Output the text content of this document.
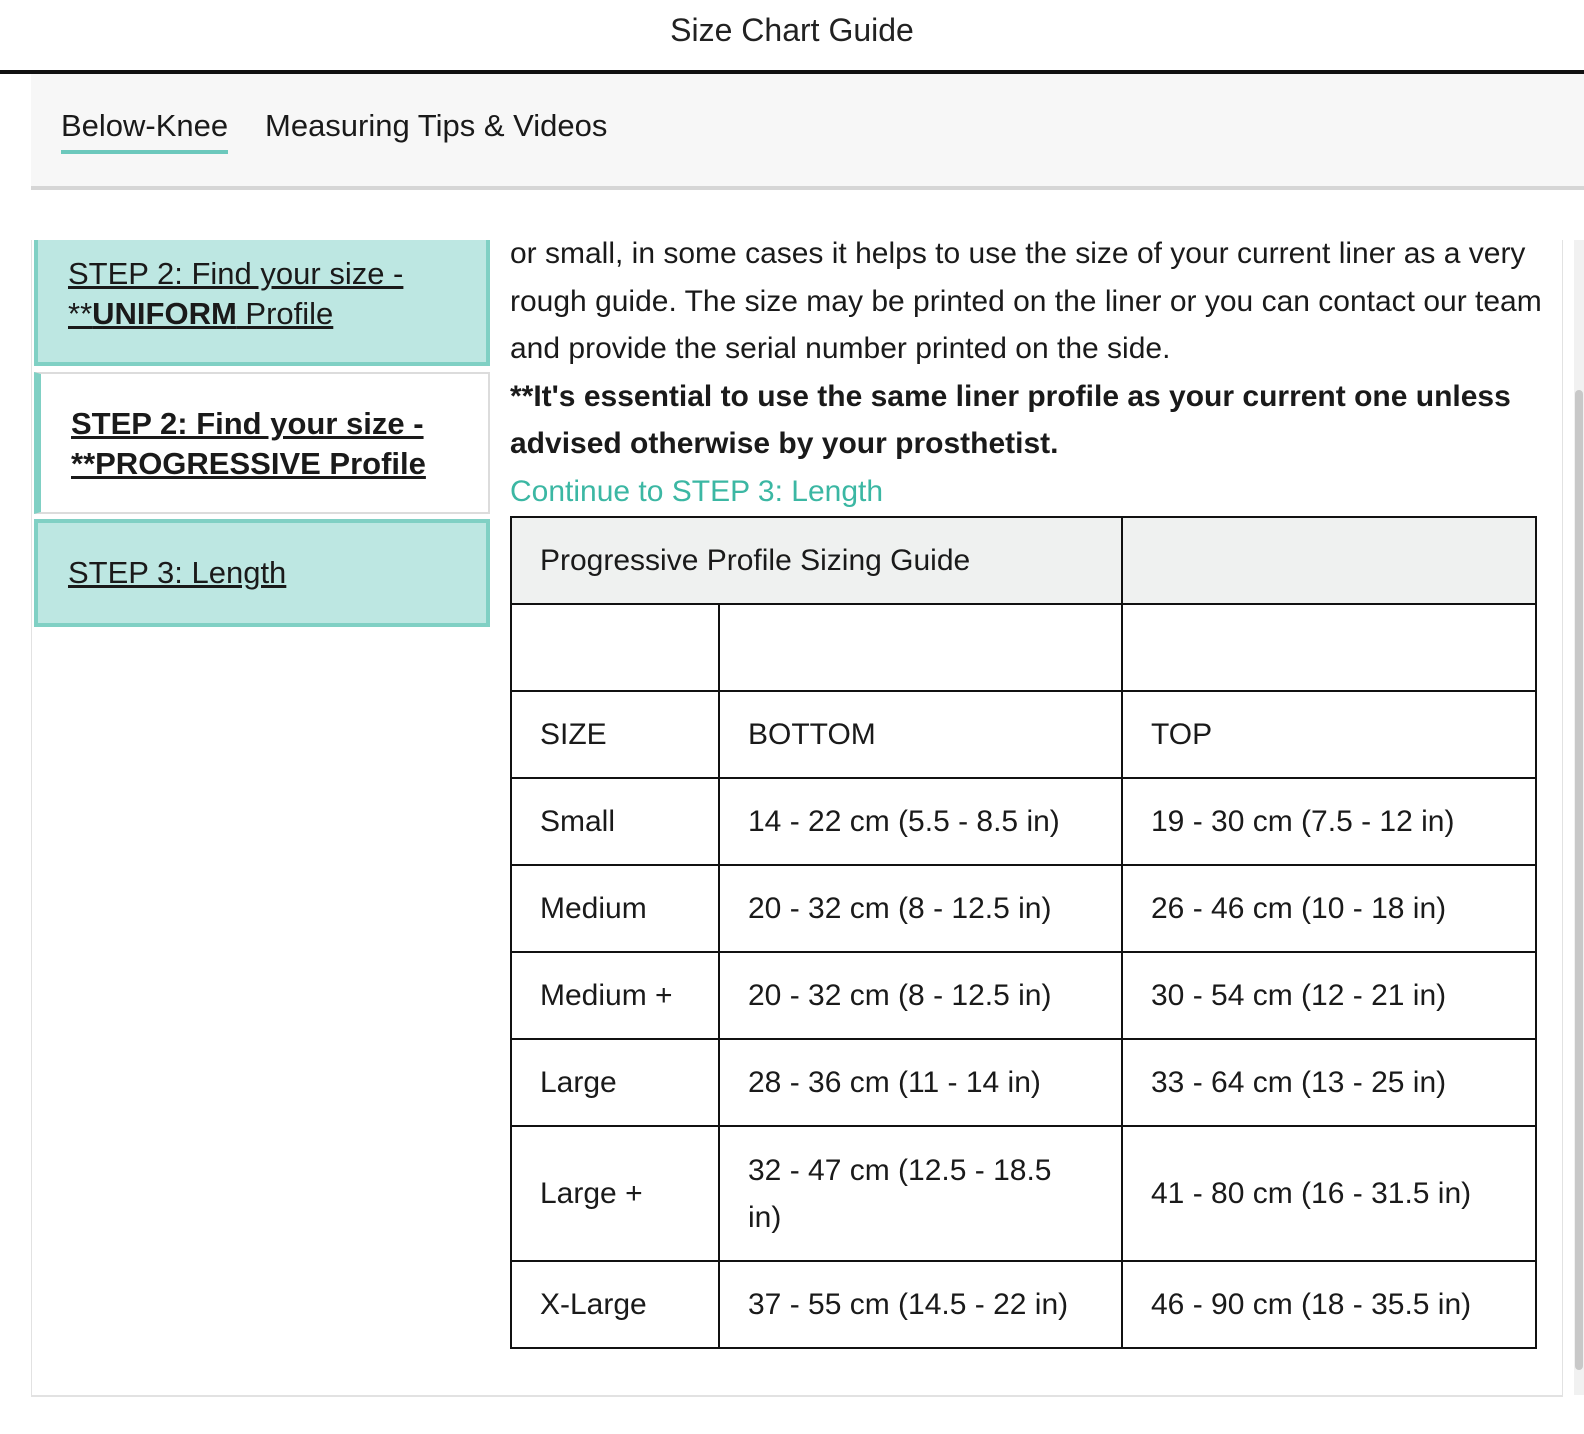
Size Chart Guide
Below-Knee Measuring Tips & Videos
STEP 2: Find your size -
**UNIFORM Profile
STEP 2: Find your size -
**PROGRESSIVE Profile
STEP 3: Length

or small, in some cases it helps to use the size of your current liner as a very rough guide. The size may be printed on the liner or you can contact our team and provide the serial number printed on the side.

**It's essential to use the same liner profile as your current one unless advised otherwise by your prosthetist.

Continue to STEP 3: Length
Progressive Profile Sizing Guide		

SIZE	BOTTOM	TOP
Small	14 - 22 cm (5.5 - 8.5 in)	19 - 30 cm (7.5 - 12 in)
Medium	20 - 32 cm (8 - 12.5 in)	26 - 46 cm (10 - 18 in)
Medium +	20 - 32 cm (8 - 12.5 in)	30 - 54 cm (12 - 21 in)
Large	28 - 36 cm (11 - 14 in)	33 - 64 cm (13 - 25 in)
Large +	32 - 47 cm (12.5 - 18.5 in)	41 - 80 cm (16 - 31.5 in)
X-Large	37 - 55 cm (14.5 - 22 in)	46 - 90 cm (18 - 35.5 in)
